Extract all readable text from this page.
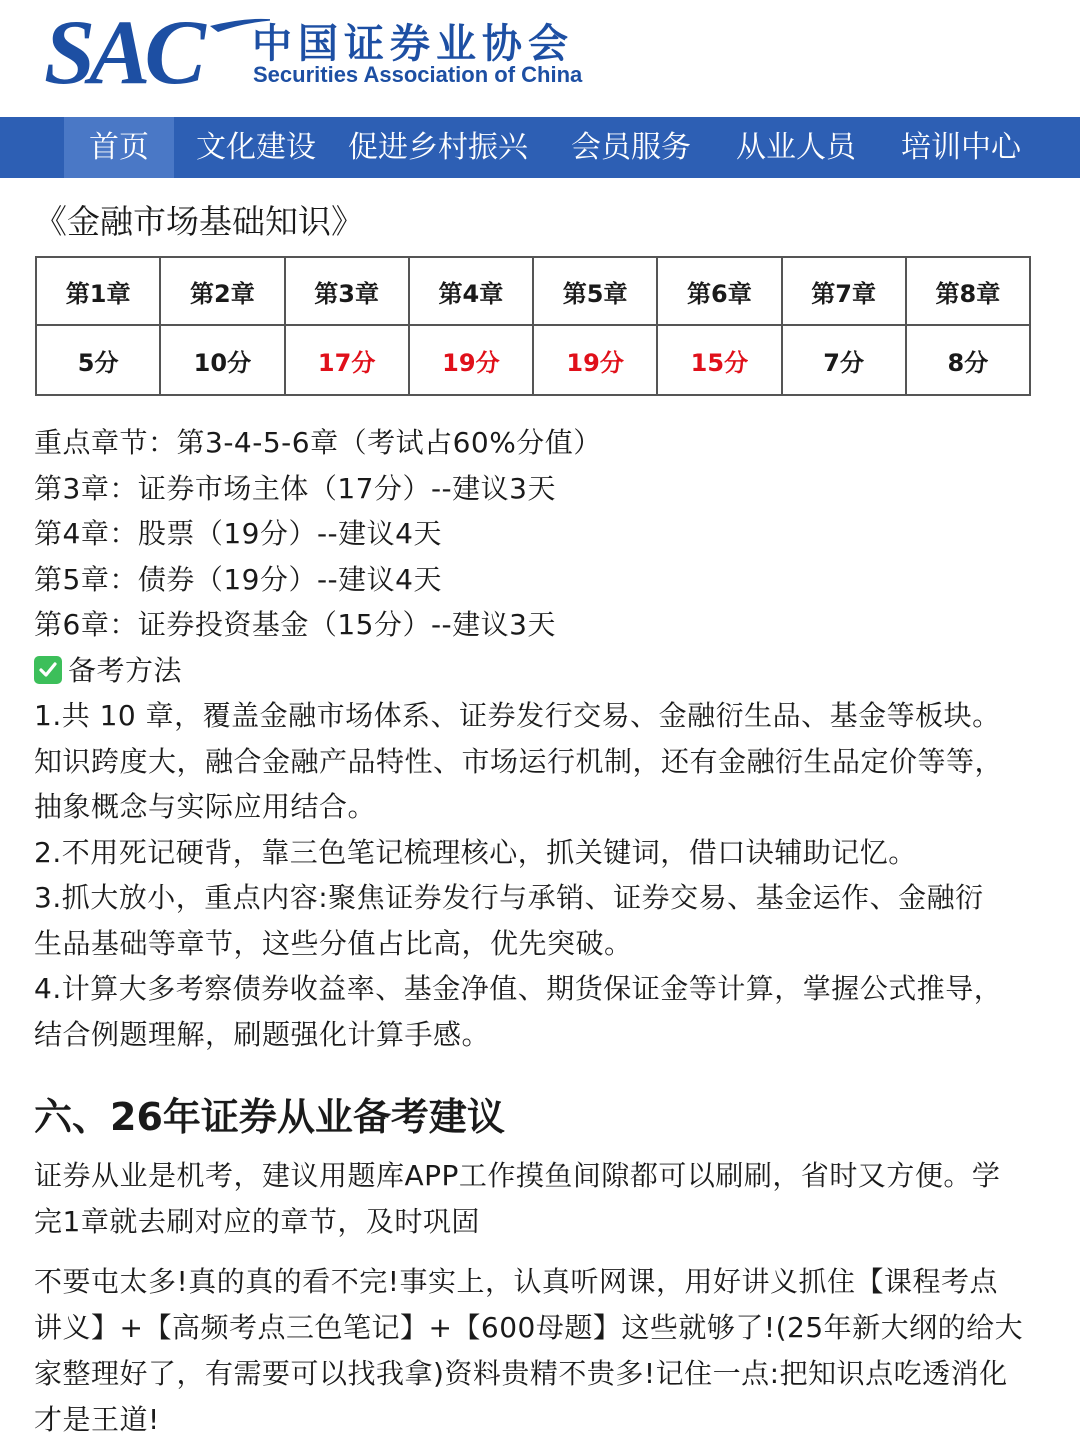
SAC 中国证券业协会
Securities Association of China
首页	文化建设	促进乡村振兴	会员服务	从业人员	培训中心
《金融市场基础知识》
第1章	第2章	第3章	第4章	第5章	第6章	第7章	第8章
5分	10分	17分	19分	19分	15分	7分	8分

重点章节：第3-4-5-6章（考试占60%分值）

第3章：证券市场主体（17分）--建议3天

第4章：股票（19分）--建议4天

第5章：债券（19分）--建议4天

第6章：证券投资基金（15分）--建议3天

备考方法

1.共 10 章，覆盖金融市场体系、证券发行交易、金融衍生品、基金等板块。

知识跨度大，融合金融产品特性、市场运行机制，还有金融衍生品定价等等，

抽象概念与实际应用结合。

2.不用死记硬背，靠三色笔记梳理核心，抓关键词，借口诀辅助记忆。

3.抓大放小，重点内容:聚焦证券发行与承销、证券交易、基金运作、金融衍

生品基础等章节，这些分值占比高，优先突破。

4.计算大多考察债券收益率、基金净值、期货保证金等计算，掌握公式推导，

结合例题理解，刷题强化计算手感。

六、26年证券从业备考建议
证券从业是机考，建议用题库APP工作摸鱼间隙都可以刷刷，省时又方便。学
完1章就去刷对应的章节，及时巩固
不要屯太多!真的真的看不完!事实上，认真听网课，用好讲义抓住【课程考点
讲义】+【高频考点三色笔记】+【600母题】这些就够了!(25年新大纲的给大
家整理好了，有需要可以找我拿)资料贵精不贵多!记住一点:把知识点吃透消化
才是王道!
